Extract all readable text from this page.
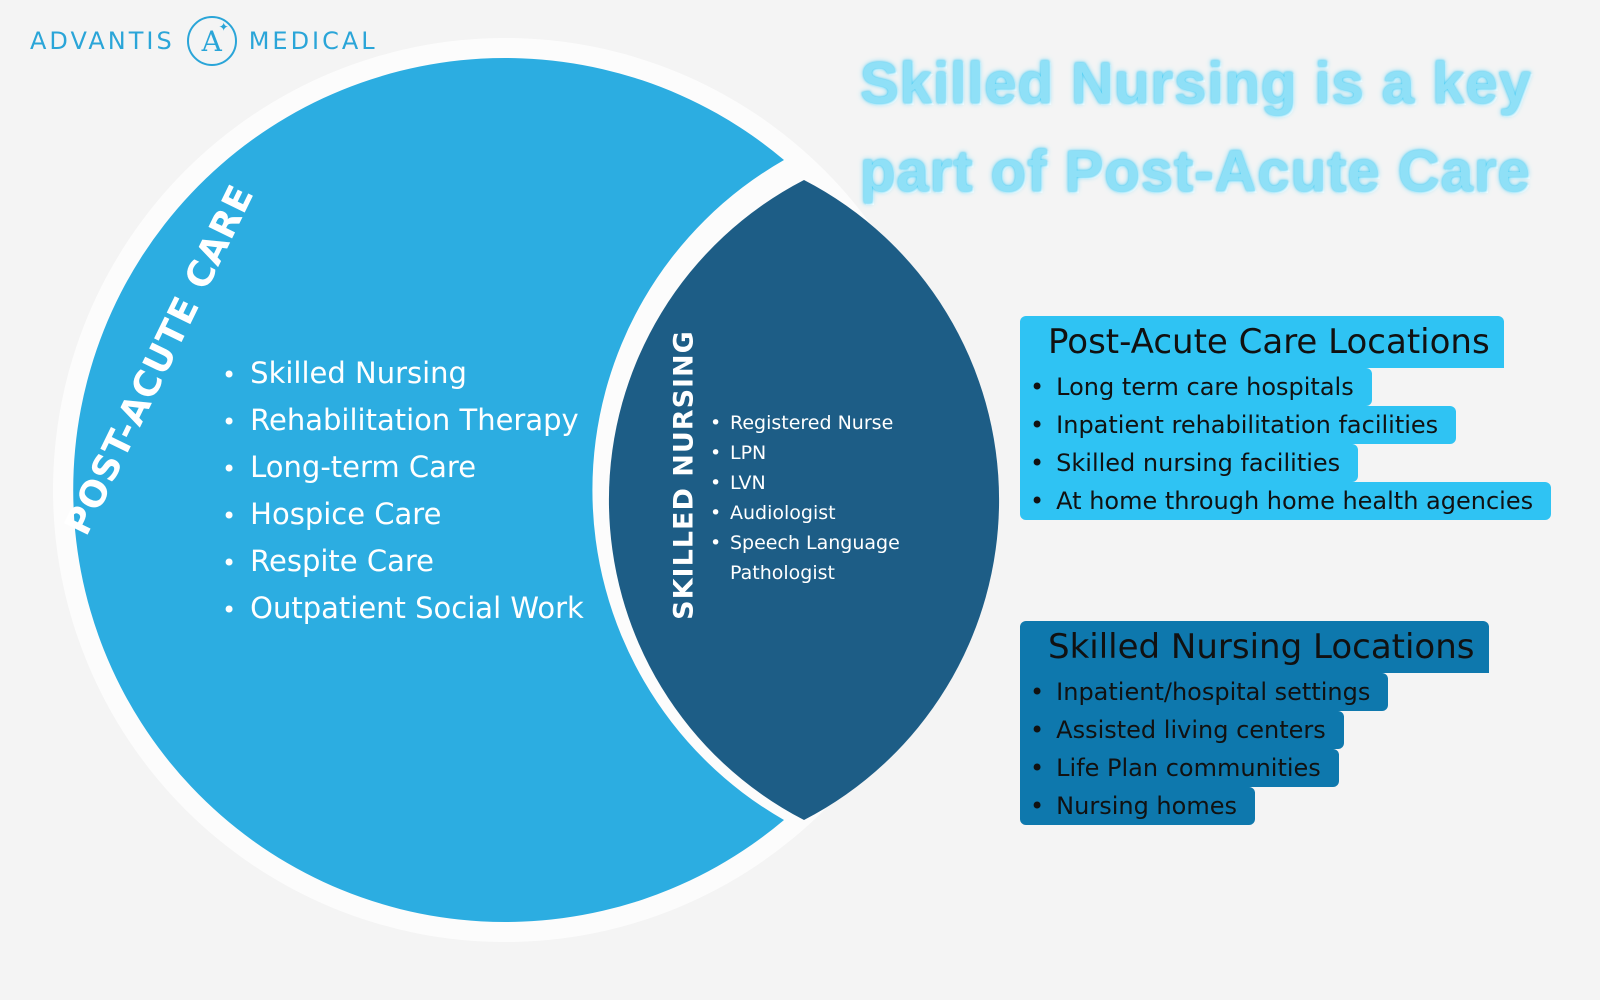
ADVANTIS A
✦ MEDICAL
Skilled Nursing is a key
part of Post-Acute Care
POST-ACUTE CARE
• Skilled Nursing
• Rehabilitation Therapy
• Long-term Care
• Hospice Care
• Respite Care
• Outpatient Social Work	SKILLED NURSING
•	Registered Nurse
• LPN
• LVN
• Audiologist
• Speech Language Pathologist
Post-Acute Care Locations
• Long term care hospitals
• Inpatient rehabilitation facilities
• Skilled nursing facilities
• At home through home health agencies
Skilled Nursing Locations
• Inpatient/hospital settings
• Assisted living centers
• Life Plan communities
• Nursing homes
